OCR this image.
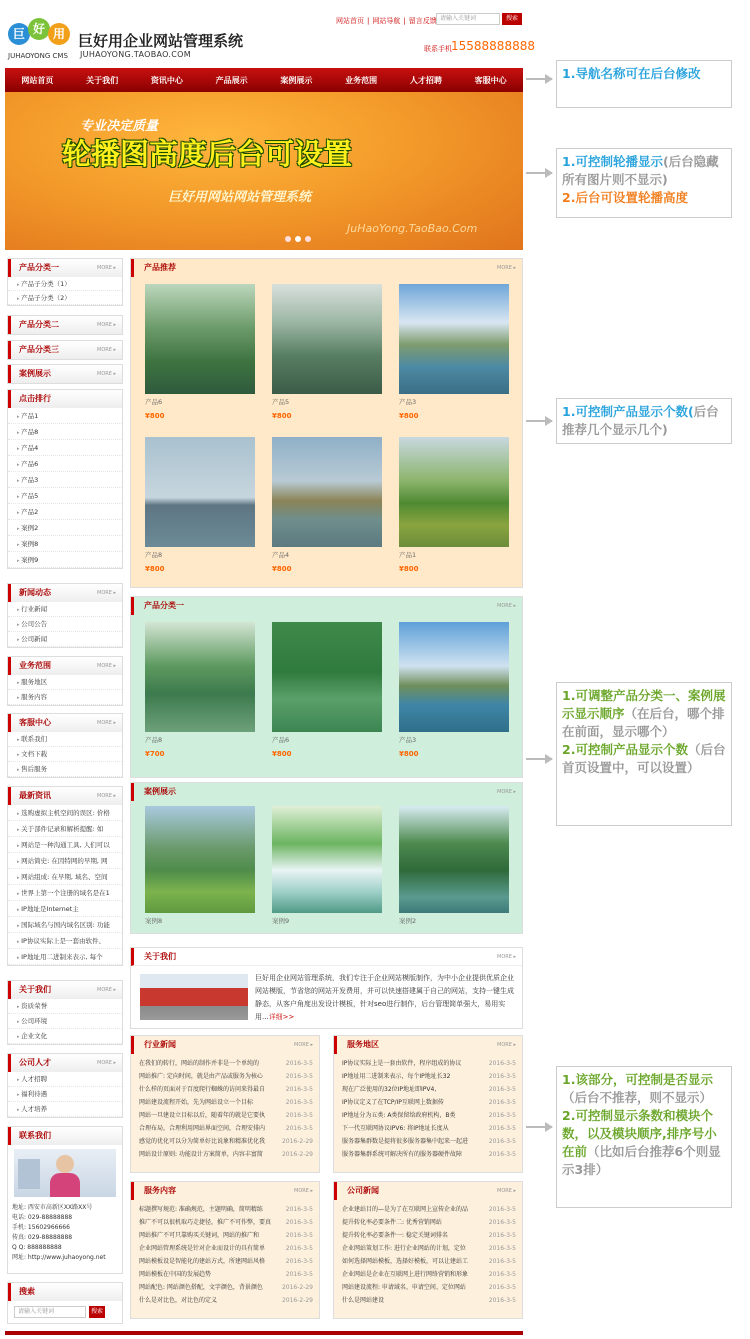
巨 好 用
JUHAOYONG CMS
巨好用企业网站管理系统
JUHAOYONG.TAOBAO.COM
网站首页 | 网站导航 | 留言反馈 请输入关键词	搜索
联系手机 15588888888
网站首页	关于我们	资讯中心	产品展示	案例展示	业务范围	人才招聘	客服中心
专业决定质量
轮播图高度后台可设置
巨好用网站网站管理系统
JuHaoYong.TaoBao.Com
产品分类一	MORE ▸
▸ 产品子分类（1）
▸ 产品子分类（2）
产品分类二	MORE ▸
产品分类三	MORE ▸
案例展示	MORE ▸
点击排行
▸ 产品1
▸ 产品8
▸ 产品4
▸ 产品6
▸ 产品3
▸ 产品5
▸ 产品2
▸ 案例2
▸ 案例8
▸ 案例9
新闻动态	MORE ▸
▸ 行业新闻
▸ 公司公告
▸ 公司新闻
业务范围	MORE ▸
▸ 服务地区
▸ 服务内容
客服中心	MORE ▸
▸ 联系我们
▸ 文档下载
▸ 售后服务
最新资讯	MORE ▸
▸ 选购虚拟主机空间的误区: 价格
▸ 关于部件记录和解析提醒: 如
▸ 网站是一种沟通工具, 人们可以
▸ 网站简史: 在因特网的早期, 网
▸ 网站组成: 在早期, 域名、空间
▸ 世界上第一个注册的域名是在1
▸ IP地址是Internet主
▸ 国际域名与国内域名区别: 功能
▸ IP协议实际上是一套由软件、
▸ IP地址用二进制来表示, 每个
关于我们	MORE ▸
▸ 资质荣誉
▸ 公司环境
▸ 企业文化
公司人才	MORE ▸
▸ 人才招聘
▸ 福利待遇
▸ 人才培养
联系我们
地址: 西安市高新区XX路XX号
电话: 029-88888888
手机: 15602966666
传真: 029-88888888
Q Q: 888888888
网址: http://www.juhaoyong.net
搜索
请输入关键词	搜索
产品推荐	MORE ▸
产品6
¥800
产品5
¥800
产品3
¥800
产品8
¥800
产品4
¥800
产品1
¥800
产品分类一	MORE ▸
产品8
¥700
产品6
¥800
产品3
¥800
案例展示	MORE ▸
案例8	案例9	案例2
关于我们	MORE ▸
巨好用企业网站管理系统，我们专注于企业网站模版制作，为中小企业提供优质企业网站模版，节省您的网站开发费用，并可以快速搭建属于自己的网站，支持一键生成静态，从客户角度出发设计模板，针对seo进行制作，后台管理简单强大，易用实用...详细>>
行业新闻	MORE ▸
在我们的转行，网站的制作并非是一个单纯的	2016-3-5
网站推广: 定向时间，就是由产品或服务为核心	2016-3-5
什么样的页面对于百度爬行蜘蛛的访问来得最自	2016-3-5
网站建设流程开始，先为网站设立一个目标	2016-3-5
网站一旦建设立目标以后，随着年的就是它要执	2016-3-5
合理布局，合理利用网站界面空间，合理安排内	2016-3-5
感觉的优化可以分为简单好比说象和精准优化我	2016-2-29
网站设计原则: 功能设计方案简单，内容丰富简	2016-2-29
服务地区	MORE ▸
IP协议实际上是一套由软件，程序组成的协议	2016-3-5
IP地址用二进制来表示，每个IP地址长32	2016-3-5
现在广泛使用的32位IP地址即IPV4,	2016-3-5
IP协议定义了在TCP/IP互联网上数据传	2016-3-5
IP地址分为五类: A类保留给政府机构，B类	2016-3-5
下一代互联网协议IPV6: 将IP地址长度从	2016-3-5
服务器集群数是提将很多服务器集中起来一起进	2016-3-5
服务器集群系统可解决所有的服务器硬件故障	2016-3-5
服务内容	MORE ▸
标题撰写规范: 准确规范，主题明确，简明精练	2016-3-5
推广不可以很机取巧走捷径，推广不可作弊，要真 2016-3-5
网站推广不可只靠购买关键词，网站的推广和	2016-3-5
企业网站管理系统是针对企业而设计的具有简单	2016-3-5
网站模板设是智能化的建站方式，所建网站风格	2016-3-5
网站模板在中国的发展趋势	2016-3-5
网站配色: 网站颜色搭配，文字颜色，背景颜色	2016-2-29
什么是对比色，对比色的定义	2016-2-29
公司新闻	MORE ▸
企业建站目的—是为了在互联网上宣传企业的品	2016-3-5
提升转化率必要条件二: 优秀营销网站	2016-3-5
提升转化率必要条件一: 稳定关键词排名	2016-3-5
企业网站策划工作: 进行企业网站的计划，定位	2016-3-5
如何选择网站模板，选择好模板，可以让建站工	2016-3-5
企业网站是企业在互联网上进行网络营销和形象	2016-3-5
网站建设流程: 申请域名、申请空间、定位网站	2016-3-5
什么是网站建设	2016-3-5
1.导航名称可在后台修改
1.可控制轮播显示(后台隐藏所有图片则不显示)
2.后台可设置轮播高度
1.可控制产品显示个数(后台推荐几个显示几个)
1.可调整产品分类一、案例展示显示顺序（在后台，哪个排在前面，显示哪个）
2.可控制产品显示个数（后台首页设置中，可以设置）
1.该部分，可控制是否显示（后台不推荐，则不显示）
2.可控制显示条数和模块个数，以及模块顺序,排序号小在前（比如后台推荐6个则显示3排）
